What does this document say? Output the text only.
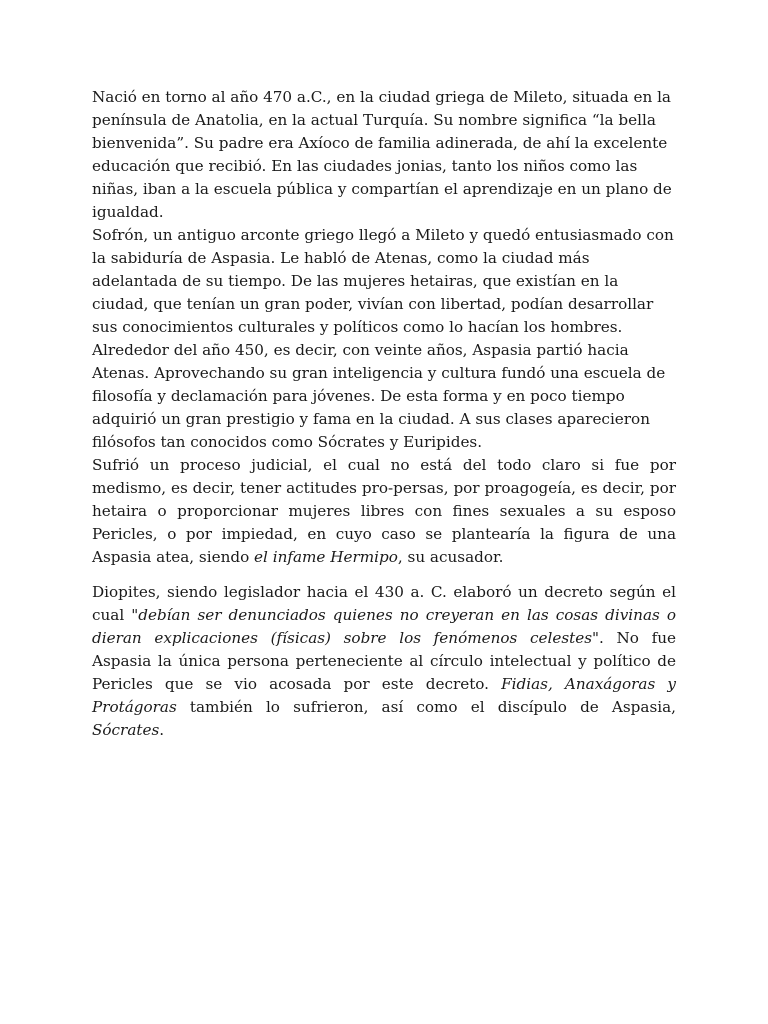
Nació en torno al año 470 a.C., en la ciudad griega de Mileto, situada en la península de Anatolia, en la actual Turquía. Su nombre significa “la bella bienvenida”. Su padre era Axíoco de familia adinerada, de ahí la excelente educación que recibió. En las ciudades jonias, tanto los niños como las niñas, iban a la escuela pública y compartían el aprendizaje en un plano de igualdad.

Sofrón, un antiguo arconte griego llegó a Mileto y quedó entusiasmado con la sabiduría de Aspasia. Le habló de Atenas, como la ciudad más adelantada de su tiempo. De las mujeres hetairas, que existían en la ciudad, que tenían un gran poder, vivían con libertad, podían desarrollar sus conocimientos culturales y políticos como lo hacían los hombres.

Alrededor del año 450, es decir, con veinte años, Aspasia partió hacia Atenas. Aprovechando su gran inteligencia y cultura fundó una escuela de filosofía y declamación para jóvenes. De esta forma y en poco tiempo adquirió un gran prestigio y fama en la ciudad. A sus clases aparecieron filósofos tan conocidos como Sócrates y Euripides.

Sufrió un proceso judicial, el cual no está del todo claro si fue por medismo, es decir, tener actitudes pro-persas, por proagogeía, es decir, por hetaira o proporcionar mujeres libres con fines sexuales a su esposo Pericles, o por impiedad, en cuyo caso se plantearía la figura de una Aspasia atea, siendo el infame Hermipo, su acusador.

Diopites, siendo legislador hacia el 430 a. C. elaboró un decreto según el cual "debían ser denunciados quienes no creyeran en las cosas divinas o dieran explicaciones (físicas) sobre los fenómenos celestes". No fue Aspasia la única persona perteneciente al círculo intelectual y político de Pericles que se vio acosada por este decreto. Fidias, Anaxágoras y Protágoras también lo sufrieron, así como el discípulo de Aspasia, Sócrates.
